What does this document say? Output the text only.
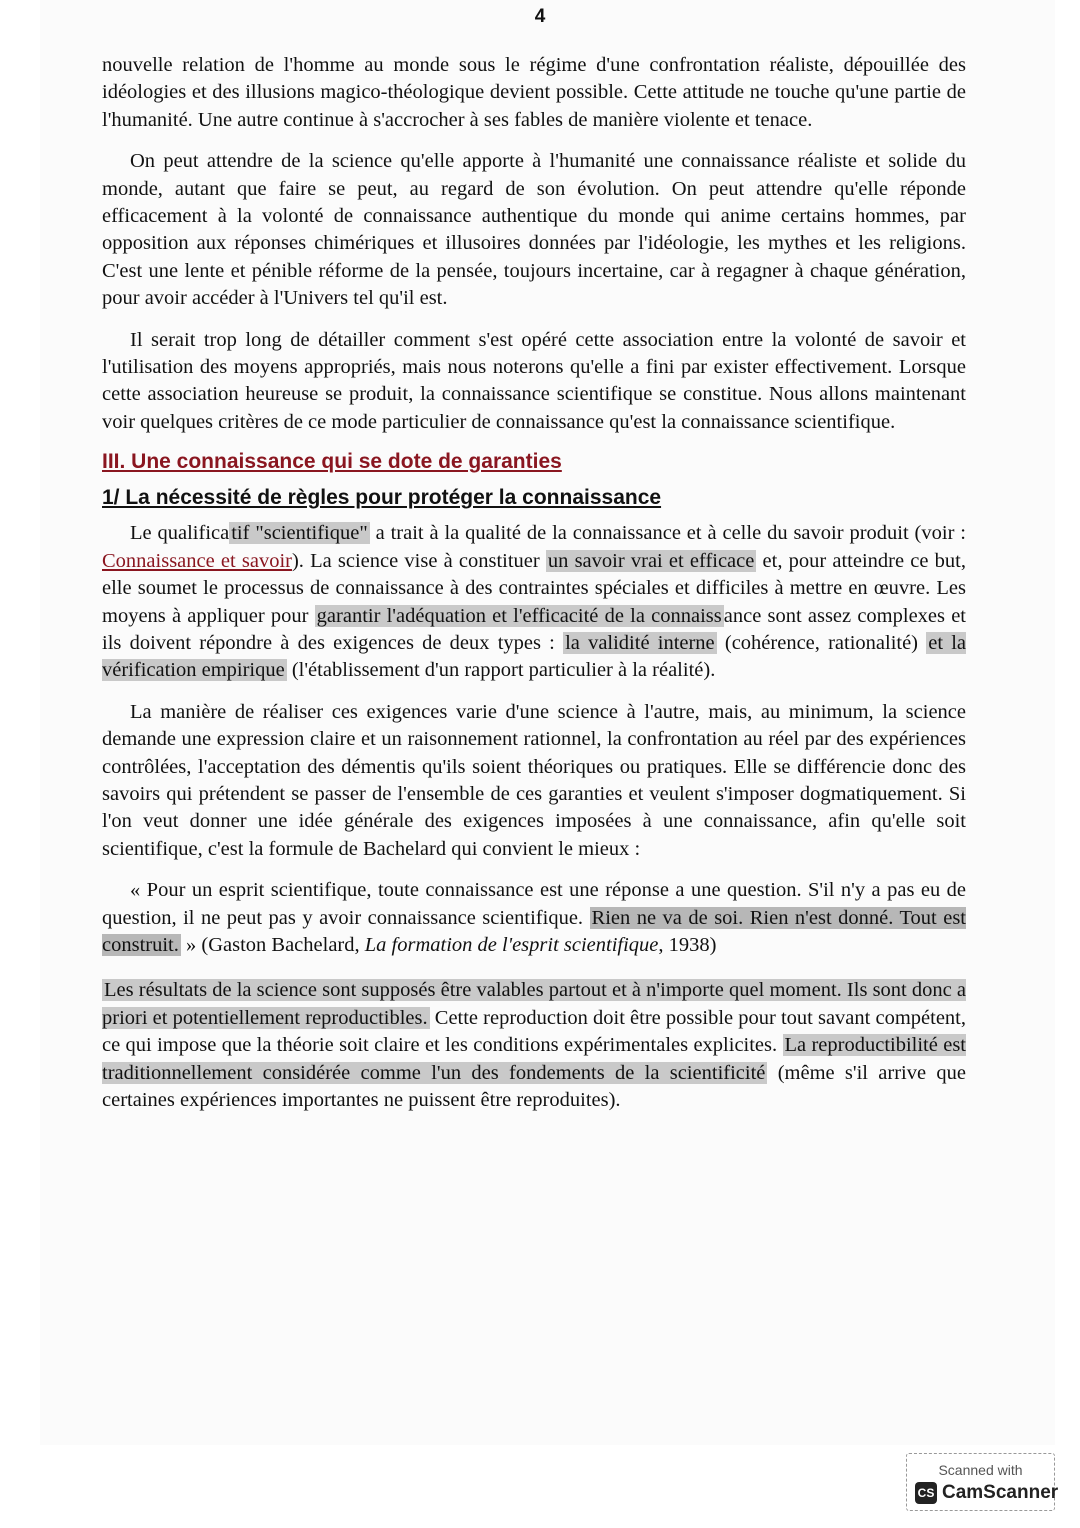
4

nouvelle relation de l'homme au monde sous le régime d'une confrontation réaliste, dépouillée des idéologies et des illusions magico-théologique devient possible. Cette attitude ne touche qu'une partie de l'humanité. Une autre continue à s'accrocher à ses fables de manière violente et tenace.

On peut attendre de la science qu'elle apporte à l'humanité une connaissance réaliste et solide du monde, autant que faire se peut, au regard de son évolution. On peut attendre qu'elle réponde efficacement à la volonté de connaissance authentique du monde qui anime certains hommes, par opposition aux réponses chimériques et illusoires données par l'idéologie, les mythes et les religions. C'est une lente et pénible réforme de la pensée, toujours incertaine, car à regagner à chaque génération, pour avoir accéder à l'Univers tel qu'il est.

Il serait trop long de détailler comment s'est opéré cette association entre la volonté de savoir et l'utilisation des moyens appropriés, mais nous noterons qu'elle a fini par exister effectivement. Lorsque cette association heureuse se produit, la connaissance scientifique se constitue. Nous allons maintenant voir quelques critères de ce mode particulier de connaissance qu'est la connaissance scientifique.

III. Une connaissance qui se dote de garanties
1/ La nécessité de règles pour protéger la connaissance

Le qualificatif "scientifique" a trait à la qualité de la connaissance et à celle du savoir produit (voir : Connaissance et savoir). La science vise à constituer un savoir vrai et efficace et, pour atteindre ce but, elle soumet le processus de connaissance à des contraintes spéciales et difficiles à mettre en œuvre. Les moyens à appliquer pour garantir l'adéquation et l'efficacité de la connaissance sont assez complexes et ils doivent répondre à des exigences de deux types : la validité interne (cohérence, rationalité) et la vérification empirique (l'établissement d'un rapport particulier à la réalité).

La manière de réaliser ces exigences varie d'une science à l'autre, mais, au minimum, la science demande une expression claire et un raisonnement rationnel, la confrontation au réel par des expériences contrôlées, l'acceptation des démentis qu'ils soient théoriques ou pratiques. Elle se différencie donc des savoirs qui prétendent se passer de l'ensemble de ces garanties et veulent s'imposer dogmatiquement. Si l'on veut donner une idée générale des exigences imposées à une connaissance, afin qu'elle soit scientifique, c'est la formule de Bachelard qui convient le mieux :

« Pour un esprit scientifique, toute connaissance est une réponse a une question. S'il n'y a pas eu de question, il ne peut pas y avoir connaissance scientifique. Rien ne va de soi. Rien n'est donné. Tout est construit. » (Gaston Bachelard, La formation de l'esprit scientifique, 1938)

Les résultats de la science sont supposés être valables partout et à n'importe quel moment. Ils sont donc a priori et potentiellement reproductibles. Cette reproduction doit être possible pour tout savant compétent, ce qui impose que la théorie soit claire et les conditions expérimentales explicites. La reproductibilité est traditionnellement considérée comme l'un des fondements de la scientificité (même s'il arrive que certaines expériences importantes ne puissent être reproduites).

Scanned with
CS CamScanner
